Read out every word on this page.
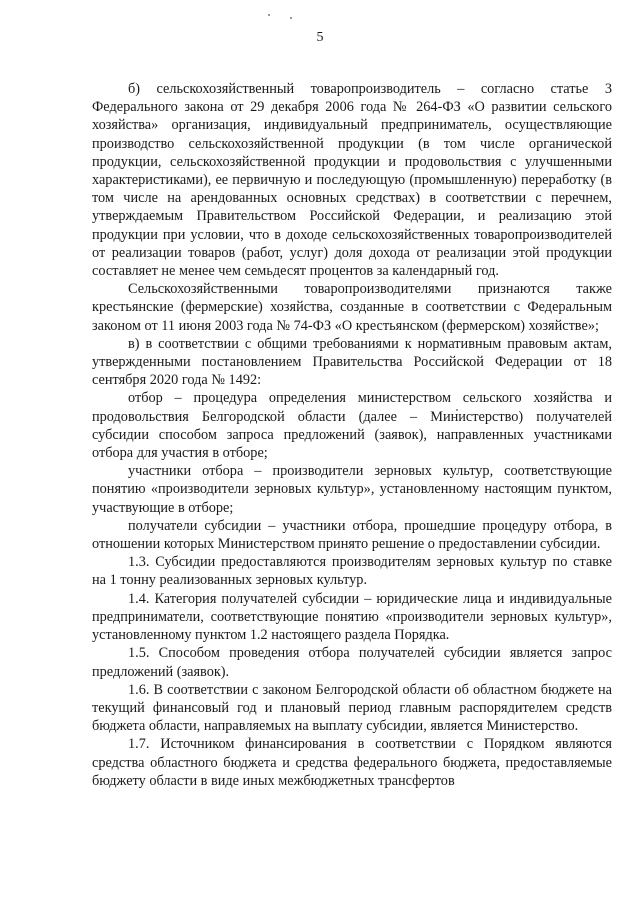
5

б) сельскохозяйственный товаропроизводитель – согласно статье 3 Федерального закона от 29 декабря 2006 года № 264-ФЗ «О развитии сельского хозяйства» организация, индивидуальный предприниматель, осуществляющие производство сельскохозяйственной продукции (в том числе органической продукции, сельскохозяйственной продукции и продовольствия с улучшенными характеристиками), ее первичную и последующую (промышленную) переработку (в том числе на арендованных основных средствах) в соответствии с перечнем, утверждаемым Правительством Российской Федерации, и реализацию этой продукции при условии, что в доходе сельскохозяйственных товаропроизводителей от реализации товаров (работ, услуг) доля дохода от реализации этой продукции составляет не менее чем семьдесят процентов за календарный год.

Сельскохозяйственными товаропроизводителями признаются также крестьянские (фермерские) хозяйства, созданные в соответствии с Федеральным законом от 11 июня 2003 года № 74-ФЗ «О крестьянском (фермерском) хозяйстве»;

в) в соответствии с общими требованиями к нормативным правовым актам, утвержденными постановлением Правительства Российской Федерации от 18 сентября 2020 года № 1492:

отбор – процедура определения министерством сельского хозяйства и продовольствия Белгородской области (далее – Министерство) получателей субсидии способом запроса предложений (заявок), направленных участниками отбора для участия в отборе;

участники отбора – производители зерновых культур, соответствующие понятию «производители зерновых культур», установленному настоящим пунктом, участвующие в отборе;

получатели субсидии – участники отбора, прошедшие процедуру отбора, в отношении которых Министерством принято решение о предоставлении субсидии.

1.3. Субсидии предоставляются производителям зерновых культур по ставке на 1 тонну реализованных зерновых культур.

1.4. Категория получателей субсидии – юридические лица и индивидуальные предприниматели, соответствующие понятию «производители зерновых культур», установленному пунктом 1.2 настоящего раздела Порядка.

1.5. Способом проведения отбора получателей субсидии является запрос предложений (заявок).

1.6. В соответствии с законом Белгородской области об областном бюджете на текущий финансовый год и плановый период главным распорядителем средств бюджета области, направляемых на выплату субсидии, является Министерство.

1.7. Источником финансирования в соответствии с Порядком являются средства областного бюджета и средства федерального бюджета, предоставляемые бюджету области в виде иных межбюджетных трансфертов
